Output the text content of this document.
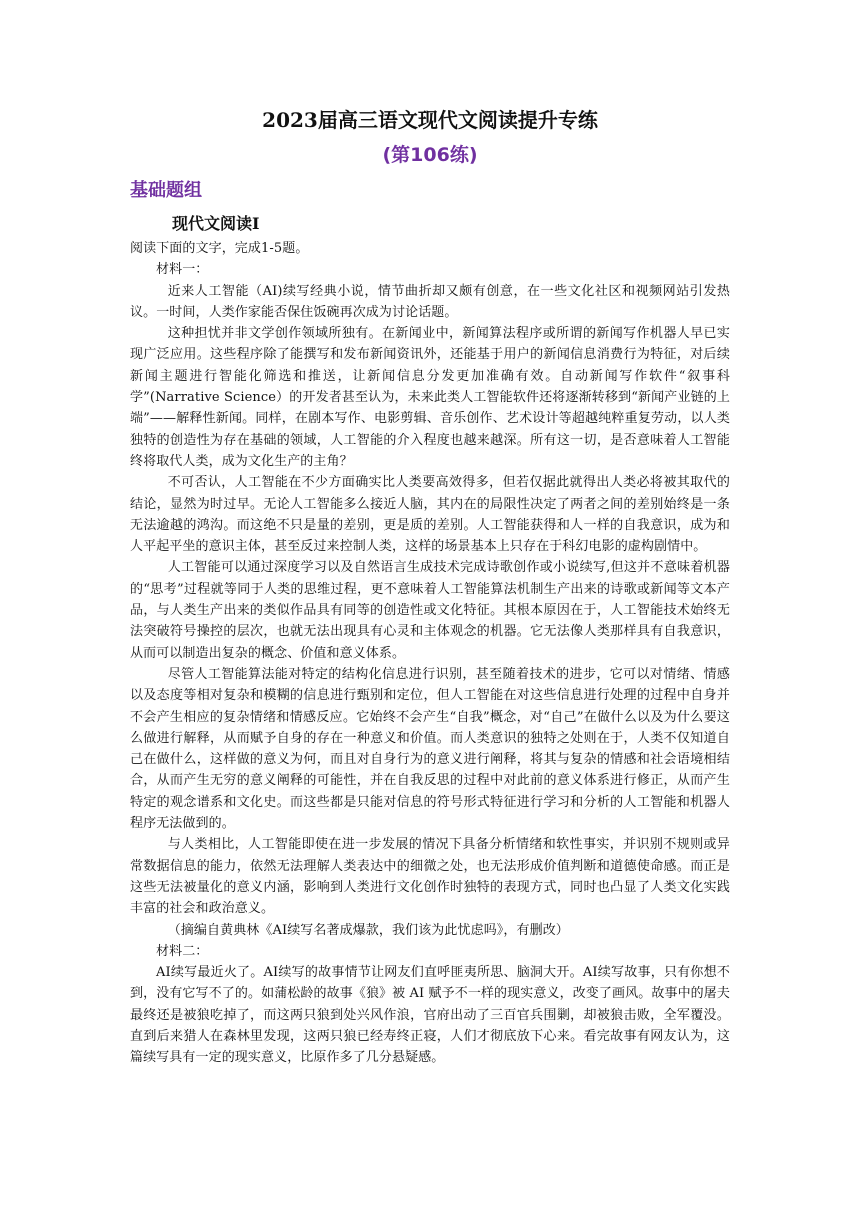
2023届高三语文现代文阅读提升专练
(第106练)
基础题组
现代文阅读Ⅰ

阅读下面的文字，完成1-5题。

材料一：

近来人工智能（AI)续写经典小说，情节曲折却又颇有创意，在一些文化社区和视频网站引发热议。一时间，人类作家能否保住饭碗再次成为讨论话题。

这种担忧并非文学创作领域所独有。在新闻业中，新闻算法程序或所谓的新闻写作机器人早已实现广泛应用。这些程序除了能撰写和发布新闻资讯外，还能基于用户的新闻信息消费行为特征，对后续新闻主题进行智能化筛选和推送，让新闻信息分发更加准确有效。自动新闻写作软件“叙事科学”(Narrative Science）的开发者甚至认为，未来此类人工智能软件还将逐渐转移到“新闻产业链的上端”——解释性新闻。同样，在剧本写作、电影剪辑、音乐创作、艺术设计等超越纯粹重复劳动，以人类独特的创造性为存在基础的领域，人工智能的介入程度也越来越深。所有这一切，是否意味着人工智能终将取代人类，成为文化生产的主角？

不可否认，人工智能在不少方面确实比人类要高效得多，但若仅据此就得出人类必将被其取代的结论，显然为时过早。无论人工智能多么接近人脑，其内在的局限性决定了两者之间的差别始终是一条无法逾越的鸿沟。而这绝不只是量的差别，更是质的差别。人工智能获得和人一样的自我意识，成为和人平起平坐的意识主体，甚至反过来控制人类，这样的场景基本上只存在于科幻电影的虚构剧情中。

人工智能可以通过深度学习以及自然语言生成技术完成诗歌创作或小说续写,但这并不意味着机器的“思考”过程就等同于人类的思维过程，更不意味着人工智能算法机制生产出来的诗歌或新闻等文本产品，与人类生产出来的类似作品具有同等的创造性或文化特征。其根本原因在于，人工智能技术始终无法突破符号操控的层次，也就无法出现具有心灵和主体观念的机器。它无法像人类那样具有自我意识，从而可以制造出复杂的概念、价值和意义体系。

尽管人工智能算法能对特定的结构化信息进行识别，甚至随着技术的进步，它可以对情绪、情感以及态度等相对复杂和模糊的信息进行甄别和定位，但人工智能在对这些信息进行处理的过程中自身并不会产生相应的复杂情绪和情感反应。它始终不会产生“自我”概念，对“自己”在做什么以及为什么要这么做进行解释，从而赋予自身的存在一种意义和价值。而人类意识的独特之处则在于，人类不仅知道自己在做什么，这样做的意义为何，而且对自身行为的意义进行阐释，将其与复杂的情感和社会语境相结合，从而产生无穷的意义阐释的可能性，并在自我反思的过程中对此前的意义体系进行修正，从而产生特定的观念谱系和文化史。而这些都是只能对信息的符号形式特征进行学习和分析的人工智能和机器人程序无法做到的。

与人类相比，人工智能即使在进一步发展的情况下具备分析情绪和软性事实，并识别不规则或异常数据信息的能力，依然无法理解人类表达中的细微之处，也无法形成价值判断和道德使命感。而正是这些无法被量化的意义内涵，影响到人类进行文化创作时独特的表现方式，同时也凸显了人类文化实践丰富的社会和政治意义。

（摘编自黄典林《AI续写名著成爆款，我们该为此忧虑吗》，有删改）

材料二：

AI续写最近火了。AI续写的故事情节让网友们直呼匪夷所思、脑洞大开。AI续写故事，只有你想不到，没有它写不了的。如蒲松龄的故事《狼》被 AI 赋予不一样的现实意义，改变了画风。故事中的屠夫最终还是被狼吃掉了，而这两只狼到处兴风作浪，官府出动了三百官兵围剿，却被狼击败，全军覆没。直到后来猎人在森林里发现，这两只狼已经寿终正寝，人们才彻底放下心来。看完故事有网友认为，这篇续写具有一定的现实意义，比原作多了几分悬疑感。
